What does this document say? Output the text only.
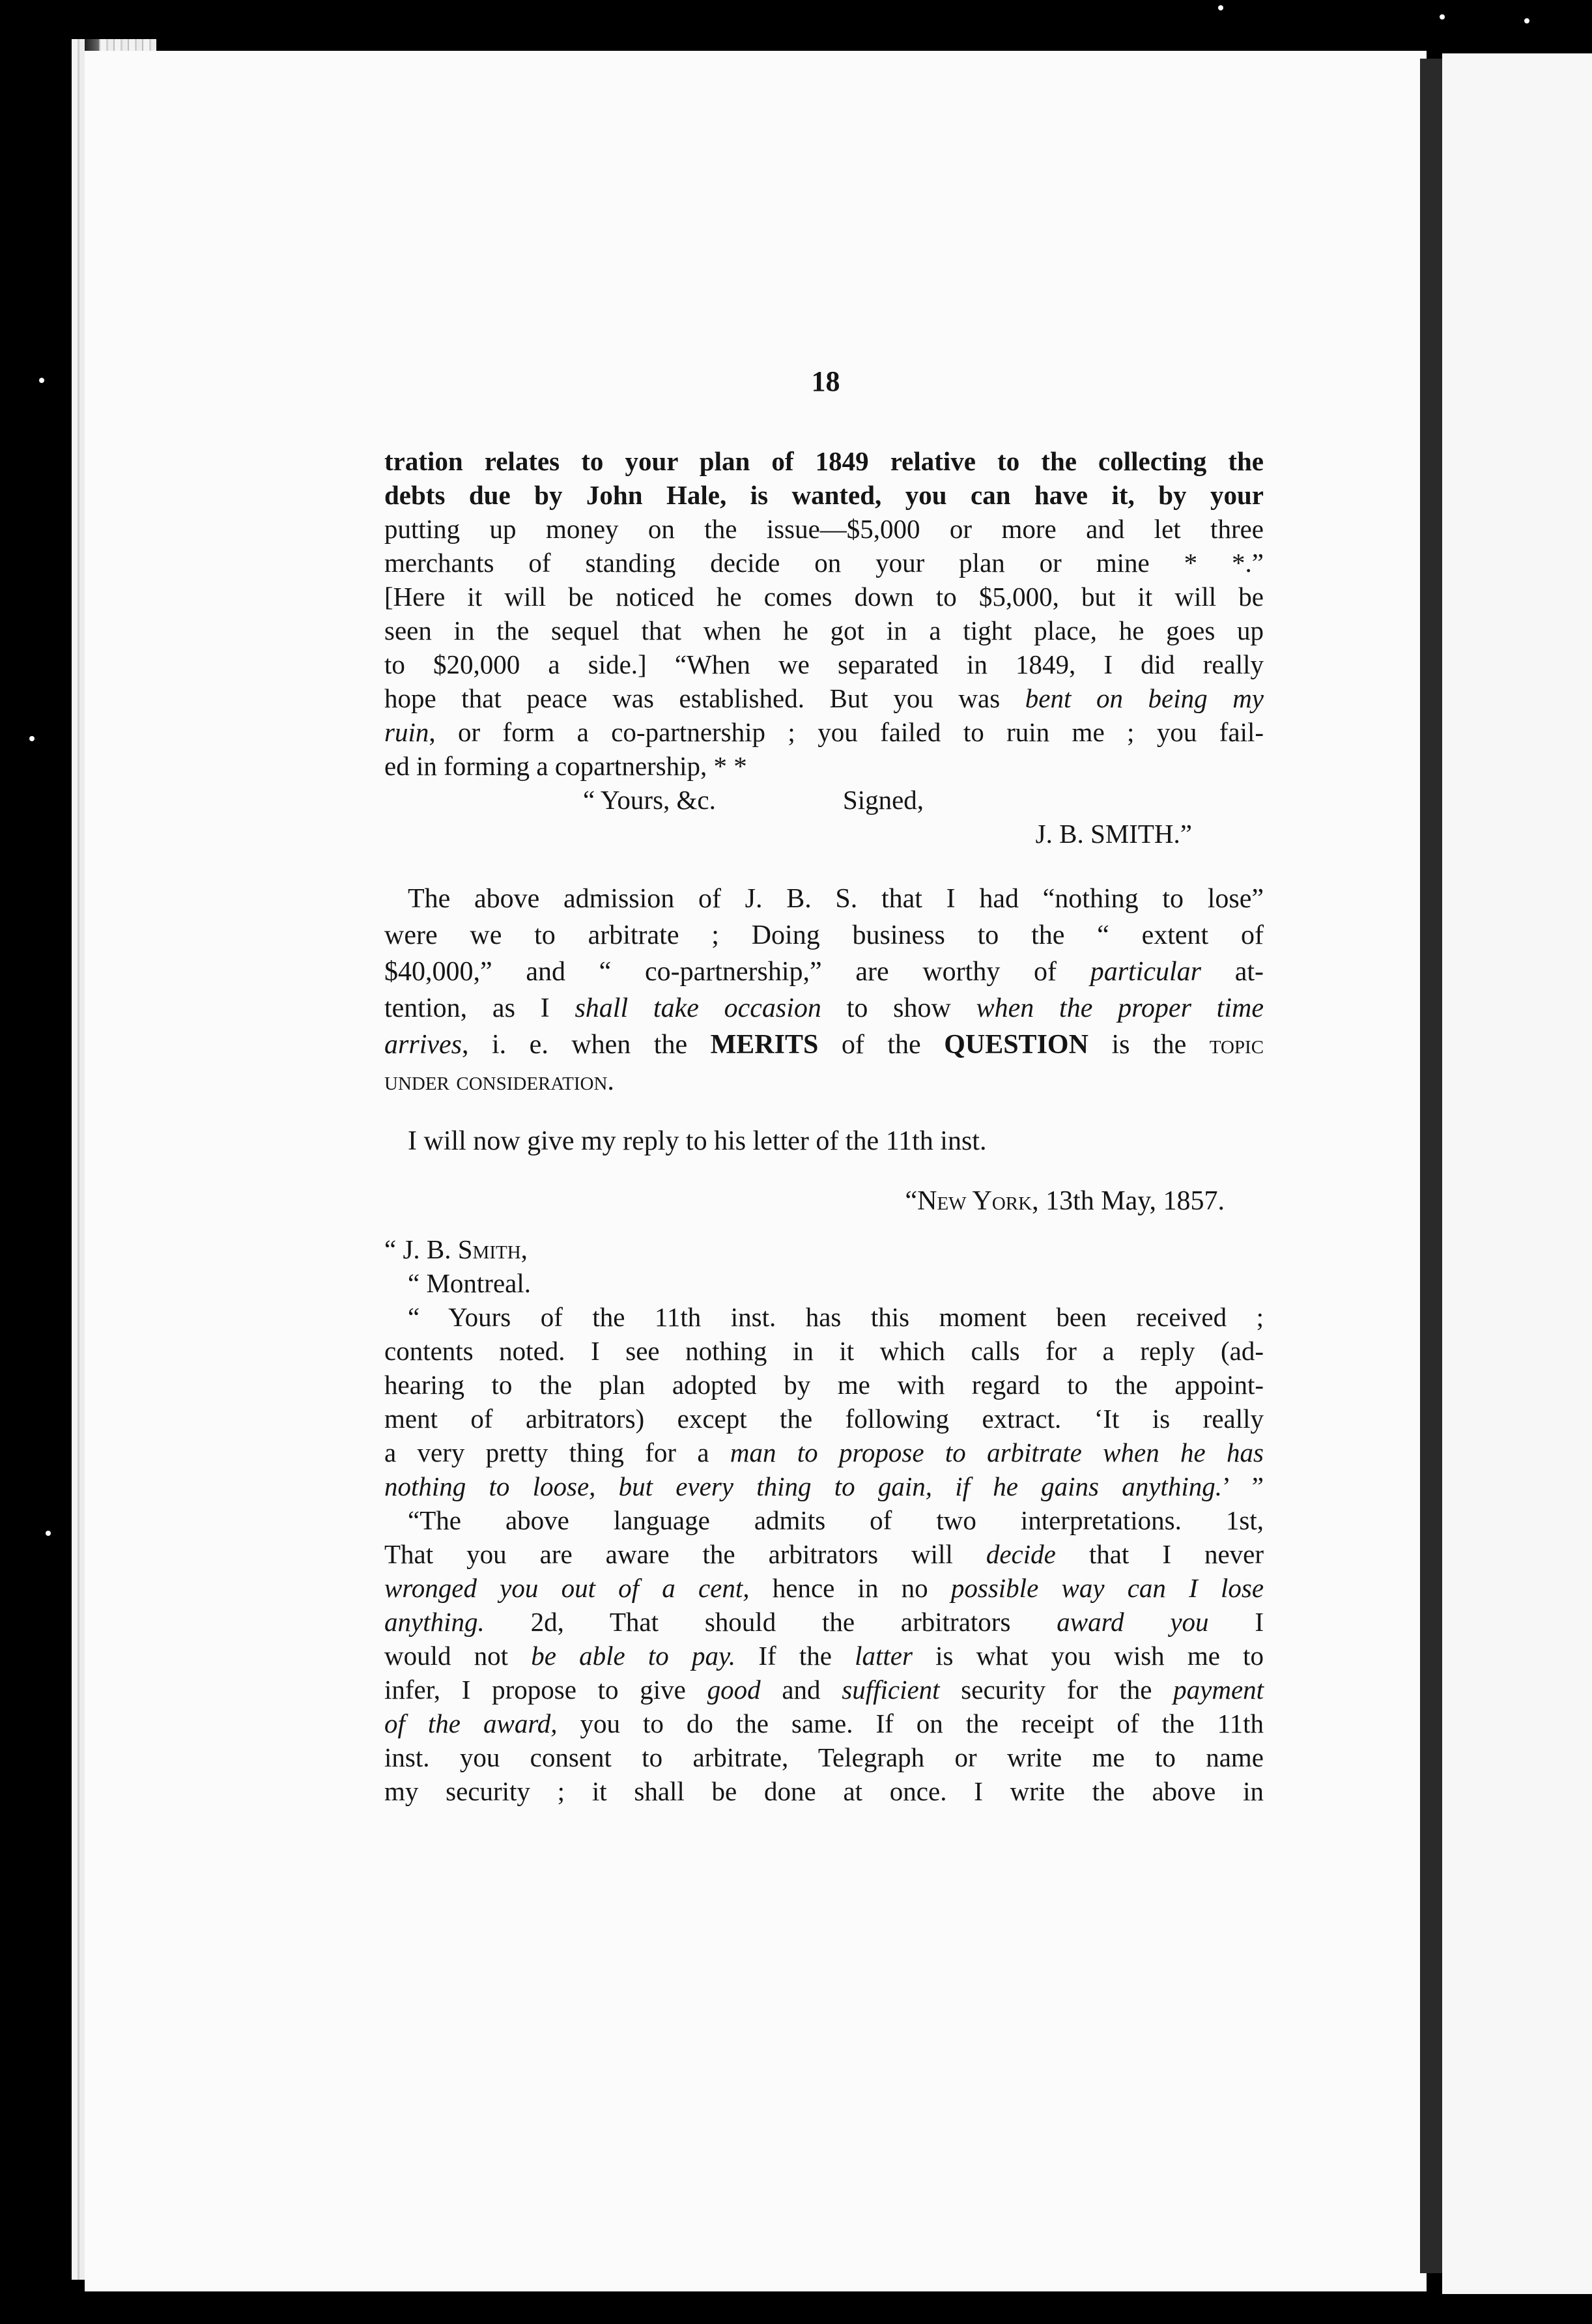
18
tration relates to your plan of 1849 relative to the collecting the
debts due by John Hale, is wanted, you can have it, by your
putting up money on the issue—$5,000 or more and let three
merchants of standing decide on your plan or mine * *.”
[Here it will be noticed he comes down to $5,000, but it will be
seen in the sequel that when he got in a tight place, he goes up
to $20,000 a side.] “When we separated in 1849, I did really
hope that peace was established. But you was bent on being my
ruin, or form a co-partnership ; you failed to ruin me ; you fail-
ed in forming a copartnership, * *
“ Yours, &c.	Signed,
J. B. SMITH.”
The above admission of J. B. S. that I had “nothing to lose”
were we to arbitrate ; Doing business to the “ extent of
$40,000,” and “ co-partnership,” are worthy of particular at-
tention, as I shall take occasion to show when the proper time
arrives, i. e. when the MERITS of the QUESTION is the topic
under consideration.
I will now give my reply to his letter of the 11th inst.
“New York, 13th May, 1857.
“ J. B. Smith,
“ Montreal.
“ Yours of the 11th inst. has this moment been received ;
contents noted. I see nothing in it which calls for a reply (ad-
hearing to the plan adopted by me with regard to the appoint-
ment of arbitrators) except the following extract. ‘It is really
a very pretty thing for a man to propose to arbitrate when he has
nothing to loose, but every thing to gain, if he gains anything.’ ”
“The above language admits of two interpretations. 1st,
That you are aware the arbitrators will decide that I never
wronged you out of a cent, hence in no possible way can I lose
anything. 2d, That should the arbitrators award you I
would not be able to pay. If the latter is what you wish me to
infer, I propose to give good and sufficient security for the payment
of the award, you to do the same. If on the receipt of the 11th
inst. you consent to arbitrate, Telegraph or write me to name
my security ; it shall be done at once. I write the above in
